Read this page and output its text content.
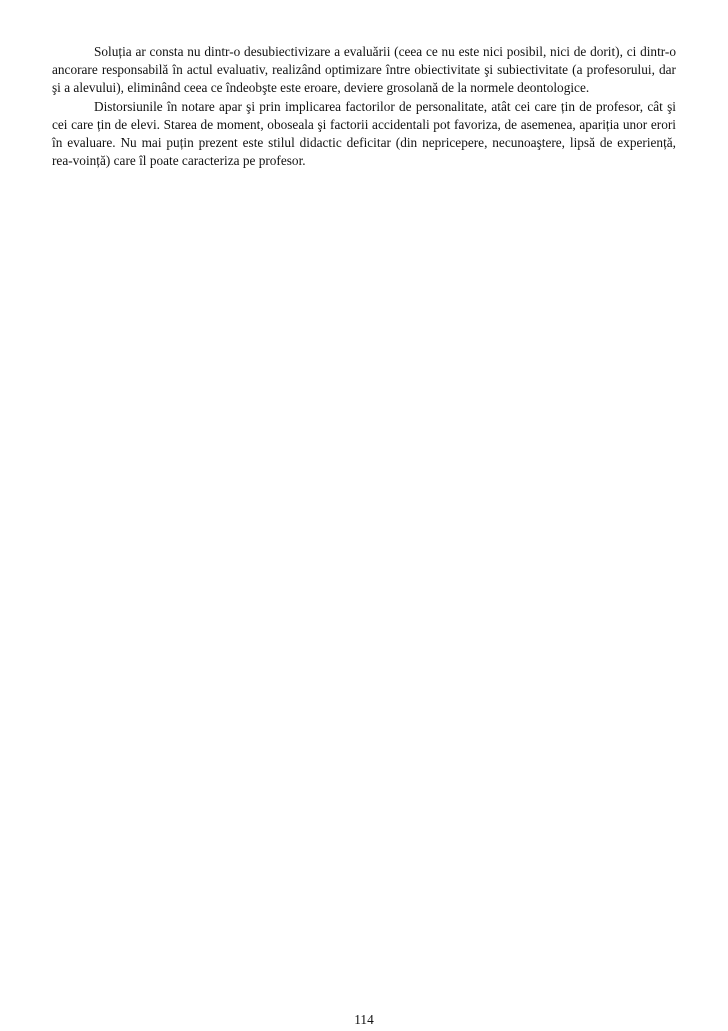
Soluția ar consta nu dintr-o desubiectivizare a evaluării (ceea ce nu este nici posibil, nici de dorit), ci dintr-o ancorare responsabilă în actul evaluativ, realizând optimizare între obiectivitate şi subiectivitate (a profesorului, dar şi a alevului), eliminând ceea ce îndeobşte este eroare, deviere grosolană de la normele deontologice.

Distorsiunile în notare apar şi prin implicarea factorilor de personalitate, atât cei care țin de profesor, cât şi cei care țin de elevi. Starea de moment, oboseala şi factorii accidentali pot favoriza, de asemenea, apariția unor erori în evaluare. Nu mai puțin prezent este stilul didactic deficitar (din nepricepere, necunoaştere, lipsă de experiență, rea-voință) care îl poate caracteriza pe profesor.

114
